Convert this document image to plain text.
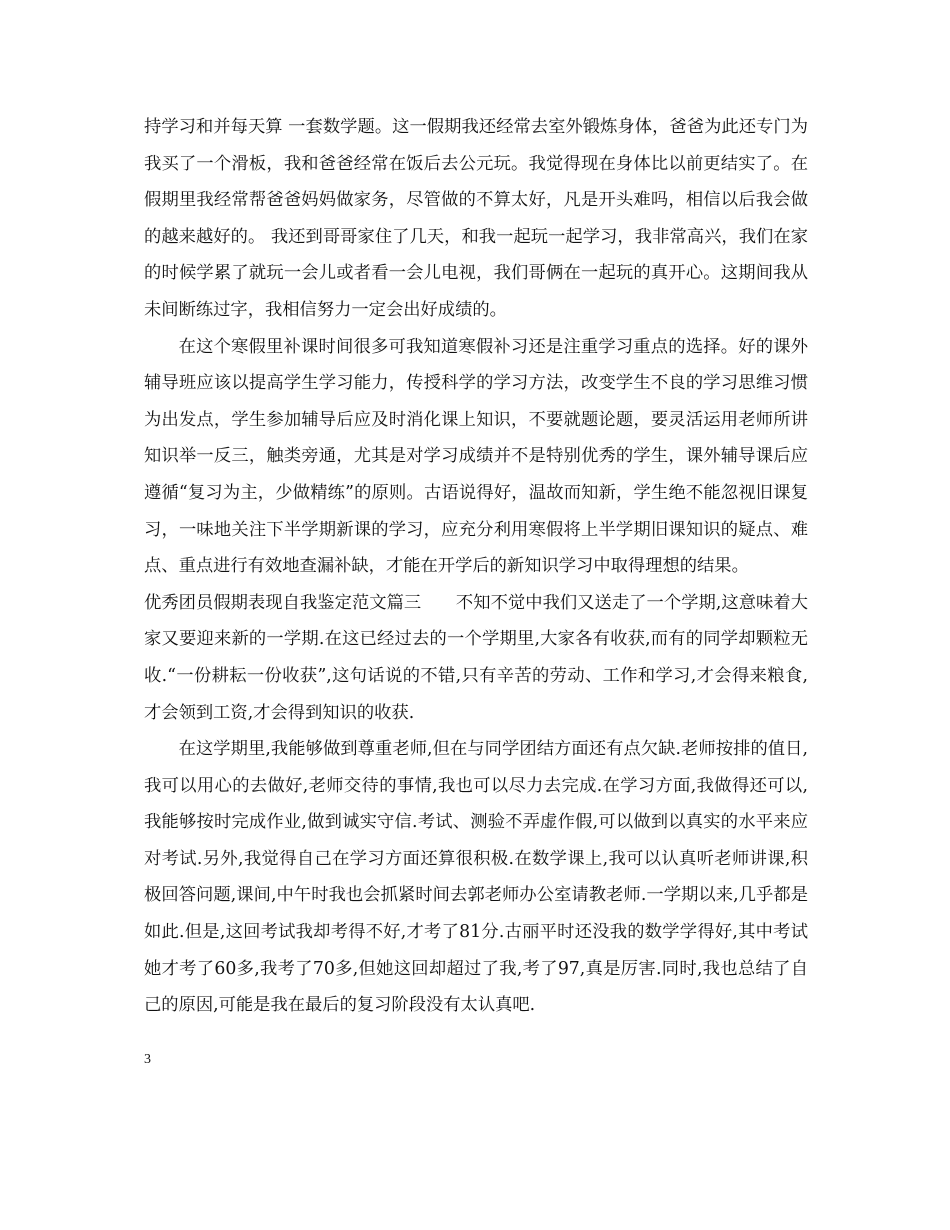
持学习和并每天算 一套数学题。这一假期我还经常去室外锻炼身体，爸爸为此还专门为我买了一个滑板，我和爸爸经常在饭后去公元玩。我觉得现在身体比以前更结实了。在假期里我经常帮爸爸妈妈做家务，尽管做的不算太好，凡是开头难吗，相信以后我会做的越来越好的。 我还到哥哥家住了几天，和我一起玩一起学习，我非常高兴，我们在家的时候学累了就玩一会儿或者看一会儿电视，我们哥俩在一起玩的真开心。这期间我从未间断练过字，我相信努力一定会出好成绩的。

在这个寒假里补课时间很多可我知道寒假补习还是注重学习重点的选择。好的课外辅导班应该以提高学生学习能力，传授科学的学习方法，改变学生不良的学习思维习惯为出发点，学生参加辅导后应及时消化课上知识，不要就题论题，要灵活运用老师所讲知识举一反三，触类旁通，尤其是对学习成绩并不是特别优秀的学生，课外辅导课后应遵循“复习为主，少做精练”的原则。古语说得好，温故而知新，学生绝不能忽视旧课复习，一味地关注下半学期新课的学习，应充分利用寒假将上半学期旧课知识的疑点、难点、重点进行有效地查漏补缺，才能在开学后的新知识学习中取得理想的结果。

优秀团员假期表现自我鉴定范文篇三　　不知不觉中我们又送走了一个学期,这意味着大家又要迎来新的一学期.在这已经过去的一个学期里,大家各有收获,而有的同学却颗粒无收.“一份耕耘一份收获”,这句话说的不错,只有辛苦的劳动、工作和学习,才会得来粮食,才会领到工资,才会得到知识的收获.

在这学期里,我能够做到尊重老师,但在与同学团结方面还有点欠缺.老师按排的值日,我可以用心的去做好,老师交待的事情,我也可以尽力去完成.在学习方面,我做得还可以,我能够按时完成作业,做到诚实守信.考试、测验不弄虚作假,可以做到以真实的水平来应对考试.另外,我觉得自己在学习方面还算很积极.在数学课上,我可以认真听老师讲课,积极回答问题,课间,中午时我也会抓紧时间去郭老师办公室请教老师.一学期以来,几乎都是如此.但是,这回考试我却考得不好,才考了81分.古丽平时还没我的数学学得好,其中考试她才考了60多,我考了70多,但她这回却超过了我,考了97,真是厉害.同时,我也总结了自己的原因,可能是我在最后的复习阶段没有太认真吧.

3
